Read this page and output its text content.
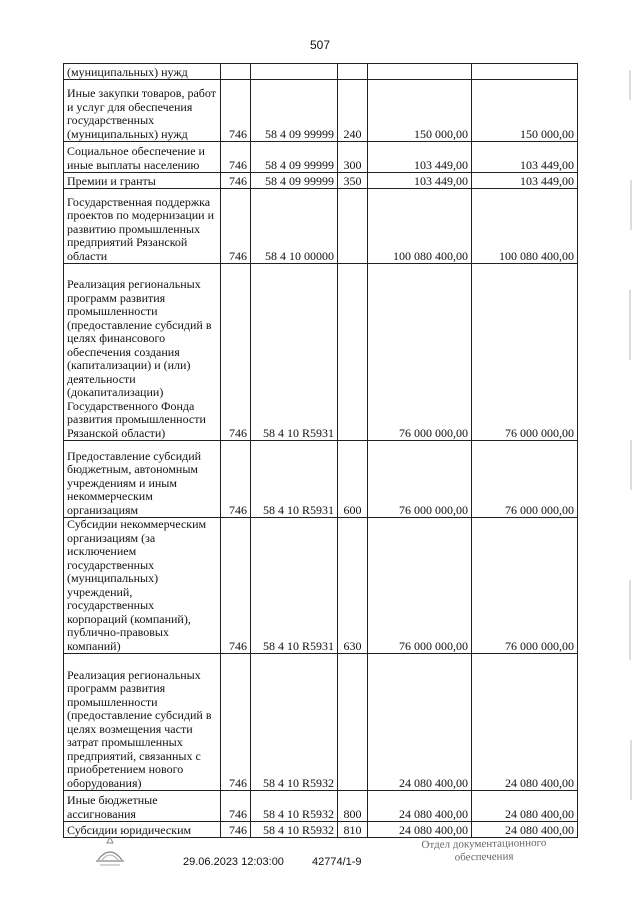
507
(муниципальных) нужд					
Иные закупки товаров, работ и услуг для обеспечения государственных (муниципальных) нужд	746	58 4 09 99999	240	150 000,00	150 000,00
Социальное обеспечение и иные выплаты населению	746	58 4 09 99999	300	103 449,00	103 449,00
Премии и гранты	746	58 4 09 99999	350	103 449,00	103 449,00
Государственная поддержка проектов по модернизации и развитию промышленных предприятий Рязанской области	746	58 4 10 00000		100 080 400,00	100 080 400,00
Реализация региональных программ развития промышленности (предоставление субсидий в целях финансового обеспечения создания (капитализации) и (или) деятельности (докапитализации) Государственного Фонда развития промышленности Рязанской области)	746	58 4 10 R5931		76 000 000,00	76 000 000,00
Предоставление субсидий бюджетным, автономным учреждениям и иным некоммерческим организациям	746	58 4 10 R5931	600	76 000 000,00	76 000 000,00
Субсидии некоммерческим организациям (за исключением государственных (муниципальных) учреждений, государственных корпораций (компаний), публично-правовых компаний)	746	58 4 10 R5931	630	76 000 000,00	76 000 000,00
Реализация региональных программ развития промышленности (предоставление субсидий в целях возмещения части затрат промышленных предприятий, связанных с приобретением нового оборудования)	746	58 4 10 R5932		24 080 400,00	24 080 400,00
Иные бюджетные ассигнования	746	58 4 10 R5932	800	24 080 400,00	24 080 400,00
Субсидии юридическим	746	58 4 10 R5932	810	24 080 400,00	24 080 400,00
29.06.2023 12:03:00	42774/1-9
Отдел документационного
обеспечения
